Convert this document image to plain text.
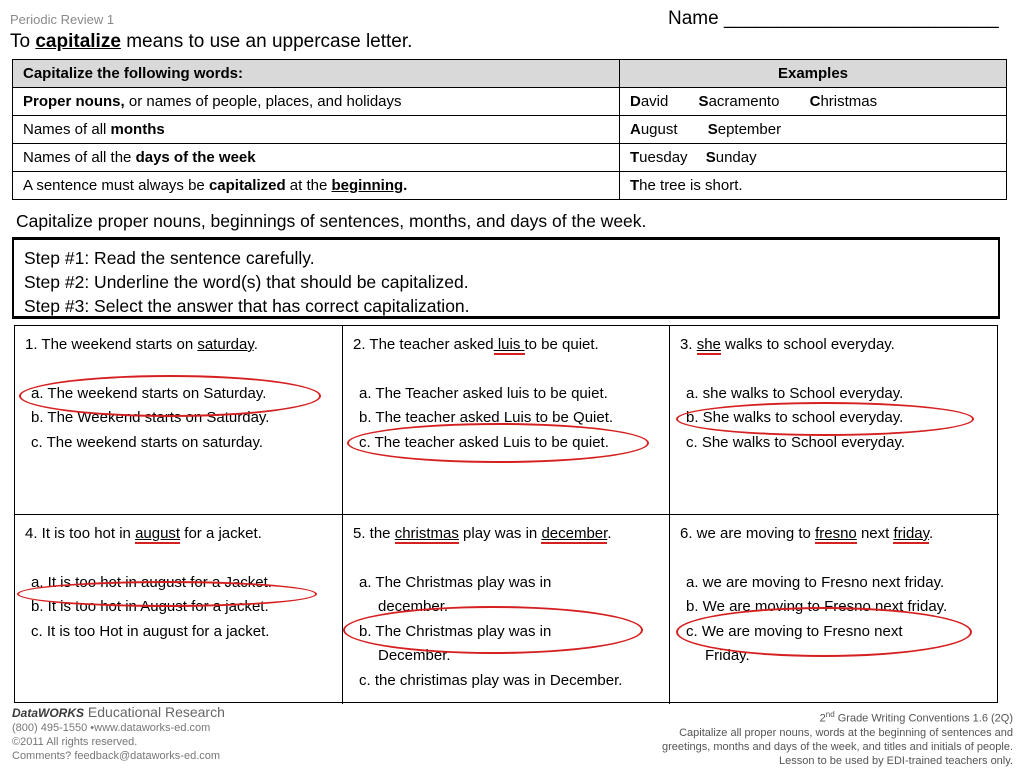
Periodic Review 1	Name __________________________
To capitalize means to use an uppercase letter.
Capitalize the following words:	Examples
Proper nouns, or names of people, places, and holidays	David Sacramento Christmas
Names of all months	August September
Names of all the days of the week	Tuesday Sunday
A sentence must always be capitalized at the beginning.	The tree is short.
Capitalize proper nouns, beginnings of sentences, months, and days of the week.
Step #1: Read the sentence carefully.
Step #2: Underline the word(s) that should be capitalized.
Step #3: Select the answer that has correct capitalization.
1. The weekend starts on saturday.
a. The weekend starts on Saturday.
b. The Weekend starts on Saturday.
c. The weekend starts on saturday.
2. The teacher asked luis to be quiet.
a. The Teacher asked luis to be quiet.
b. The teacher asked Luis to be Quiet.
c. The teacher asked Luis to be quiet.
3. she walks to school everyday.
a. she walks to School everyday.
b. She walks to school everyday.
c. She walks to School everyday.
4. It is too hot in august for a jacket.
a. It is too hot in august for a Jacket.
b. It is too hot in August for a jacket.
c. It is too Hot in august for a jacket.
5. the christmas play was in december.
a. The Christmas play was in
december.
b. The Christmas play was in
December.
c. the christimas play was in December.
6. we are moving to fresno next friday.
a. we are moving to Fresno next friday.
b. We are moving to Fresno next friday.
c. We are moving to Fresno next
Friday.
DataWORKS Educational Research
(800) 495-1550 •www.dataworks-ed.com
©2011 All rights reserved.
Comments? feedback@dataworks-ed.com
2nd Grade Writing Conventions 1.6 (2Q)
Capitalize all proper nouns, words at the beginning of sentences and
greetings, months and days of the week, and titles and initials of people.
Lesson to be used by EDI-trained teachers only.
